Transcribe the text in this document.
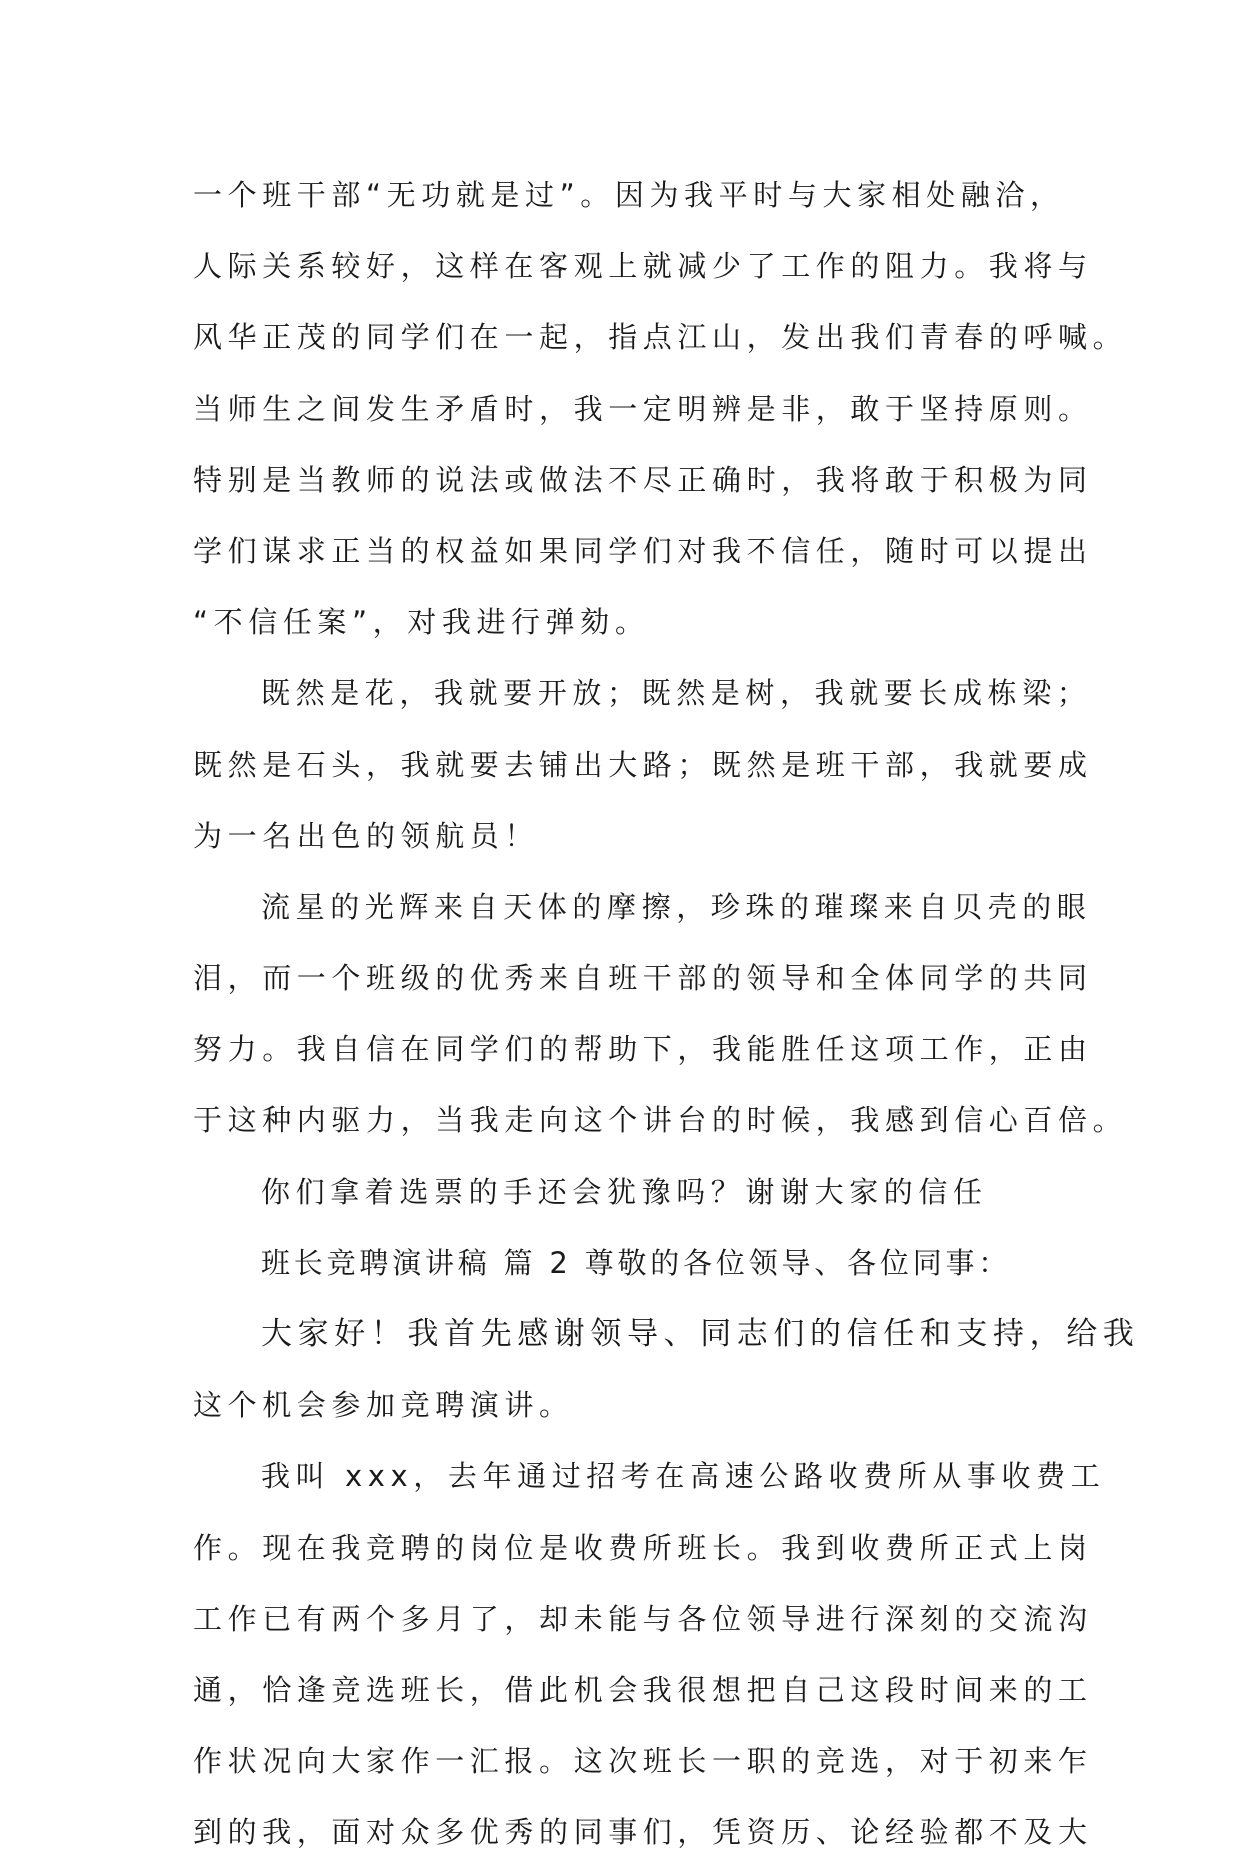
一个班干部“无功就是过”。因为我平时与大家相处融洽，
人际关系较好，这样在客观上就减少了工作的阻力。我将与
风华正茂的同学们在一起，指点江山，发出我们青春的呼喊。
当师生之间发生矛盾时，我一定明辨是非，敢于坚持原则。
特别是当教师的说法或做法不尽正确时，我将敢于积极为同
学们谋求正当的权益如果同学们对我不信任，随时可以提出
“不信任案”，对我进行弹劾。
既然是花，我就要开放；既然是树，我就要长成栋梁；
既然是石头，我就要去铺出大路；既然是班干部，我就要成
为一名出色的领航员！
流星的光辉来自天体的摩擦，珍珠的璀璨来自贝壳的眼
泪，而一个班级的优秀来自班干部的领导和全体同学的共同
努力。我自信在同学们的帮助下，我能胜任这项工作，正由
于这种内驱力，当我走向这个讲台的时候，我感到信心百倍。
你们拿着选票的手还会犹豫吗？谢谢大家的信任
班长竞聘演讲稿 篇 2 尊敬的各位领导、各位同事：
大家好！我首先感谢领导、同志们的信任和支持，给我
这个机会参加竞聘演讲。
我叫 xxx，去年通过招考在高速公路收费所从事收费工
作。现在我竞聘的岗位是收费所班长。我到收费所正式上岗
工作已有两个多月了，却未能与各位领导进行深刻的交流沟
通，恰逢竞选班长，借此机会我很想把自己这段时间来的工
作状况向大家作一汇报。这次班长一职的竞选，对于初来乍
到的我，面对众多优秀的同事们，凭资历、论经验都不及大
